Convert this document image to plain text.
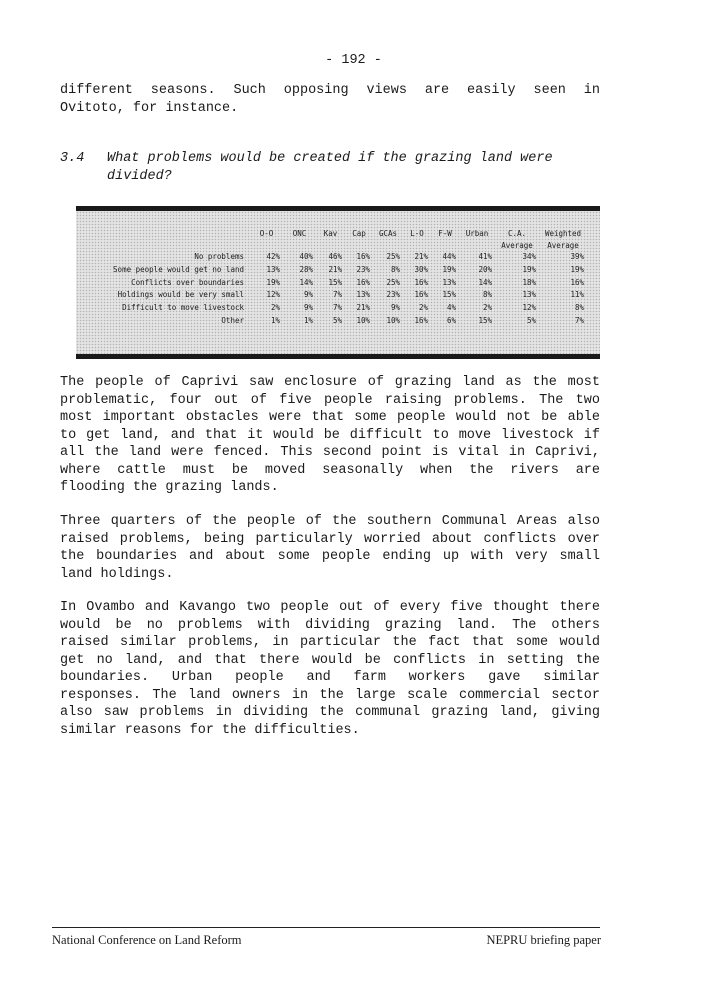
- 192 -
different seasons. Such opposing views are easily seen in
Ovitoto, for instance.
3.4 What problems would be created if the grazing land were
divided?
	O-O	ONC	Kav	Cap	GCAs	L-O	F-W	Urban	C.A.	Weighted
									Average	Average
No problems	42%	40%	46%	16%	25%	21%	44%	41%	34%	39%
Some people would get no land	13%	28%	21%	23%	8%	30%	19%	20%	19%	19%
Conflicts over boundaries	19%	14%	15%	16%	25%	16%	13%	14%	18%	16%
Holdings would be very small	12%	9%	7%	13%	23%	16%	15%	8%	13%	11%
Difficult to move livestock	2%	9%	7%	21%	9%	2%	4%	2%	12%	8%
Other	1%	1%	5%	10%	10%	16%	6%	15%	5%	7%
The people of Caprivi saw enclosure of grazing land as the most
problematic, four out of five people raising problems. The two
most important obstacles were that some people would not be able
to get land, and that it would be difficult to move livestock if
all the land were fenced. This second point is vital in Caprivi,
where cattle must be moved seasonally when the rivers are
flooding the grazing lands.
Three quarters of the people of the southern Communal Areas also
raised problems, being particularly worried about conflicts over
the boundaries and about some people ending up with very small
land holdings.
In Ovambo and Kavango two people out of every five thought there
would be no problems with dividing grazing land. The others
raised similar problems, in particular the fact that some would
get no land, and that there would be conflicts in setting the
boundaries. Urban people and farm workers gave similar
responses. The land owners in the large scale commercial sector
also saw problems in dividing the communal grazing land, giving
similar reasons for the difficulties.
National Conference on Land Reform	NEPRU briefing paper
